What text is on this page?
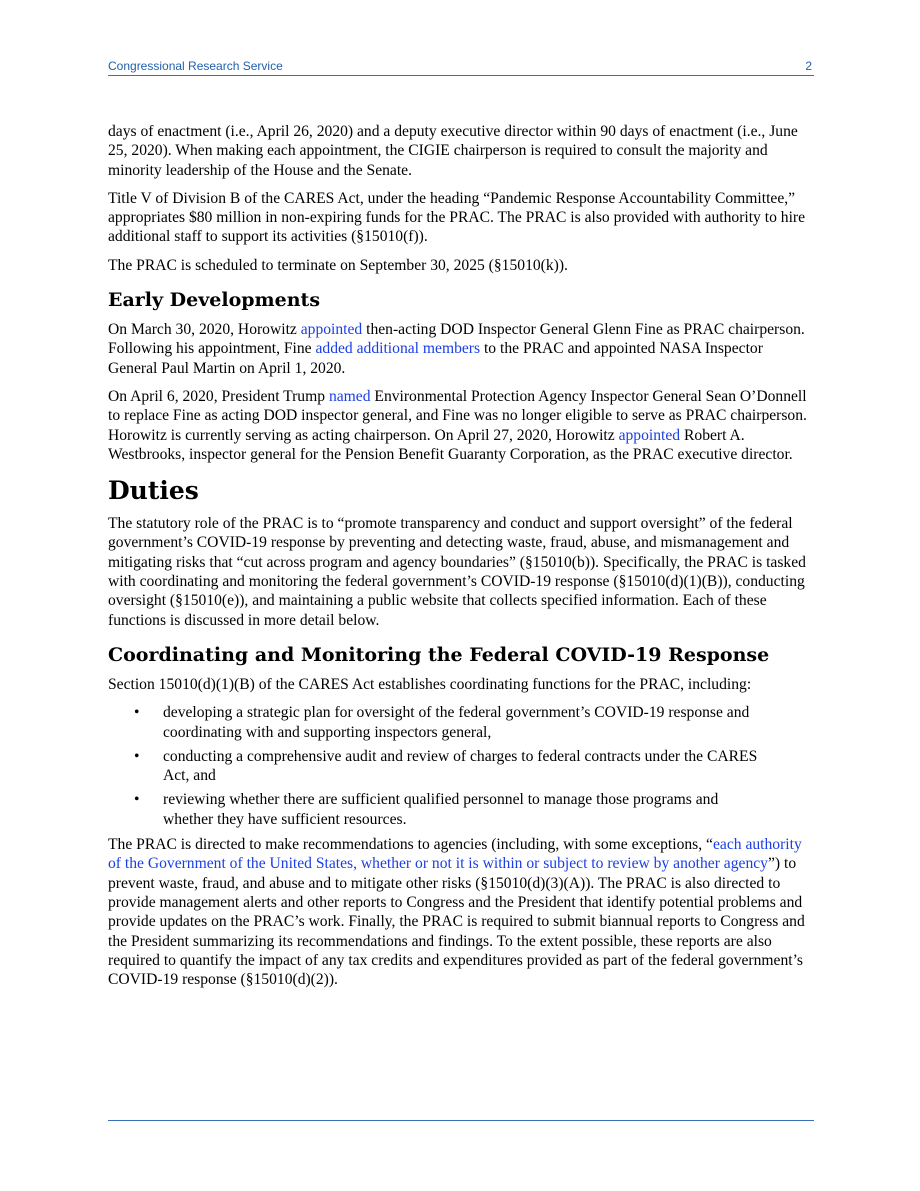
Congressional Research Service	2

days of enactment (i.e., April 26, 2020) and a deputy executive director within 90 days of enactment (i.e., June 25, 2020). When making each appointment, the CIGIE chairperson is required to consult the majority and minority leadership of the House and the Senate.

Title V of Division B of the CARES Act, under the heading “Pandemic Response Accountability Committee,” appropriates $80 million in non-expiring funds for the PRAC. The PRAC is also provided with authority to hire additional staff to support its activities (§15010(f)).

The PRAC is scheduled to terminate on September 30, 2025 (§15010(k)).

Early Developments

On March 30, 2020, Horowitz appointed then-acting DOD Inspector General Glenn Fine as PRAC chairperson. Following his appointment, Fine added additional members to the PRAC and appointed NASA Inspector General Paul Martin on April 1, 2020.

On April 6, 2020, President Trump named Environmental Protection Agency Inspector General Sean O’Donnell to replace Fine as acting DOD inspector general, and Fine was no longer eligible to serve as PRAC chairperson. Horowitz is currently serving as acting chairperson. On April 27, 2020, Horowitz appointed Robert A. Westbrooks, inspector general for the Pension Benefit Guaranty Corporation, as the PRAC executive director.

Duties

The statutory role of the PRAC is to “promote transparency and conduct and support oversight” of the federal government’s COVID-19 response by preventing and detecting waste, fraud, abuse, and mismanagement and mitigating risks that “cut across program and agency boundaries” (§15010(b)). Specifically, the PRAC is tasked with coordinating and monitoring the federal government’s COVID-19 response (§15010(d)(1)(B)), conducting oversight (§15010(e)), and maintaining a public website that collects specified information. Each of these functions is discussed in more detail below.

Coordinating and Monitoring the Federal COVID-19 Response

Section 15010(d)(1)(B) of the CARES Act establishes coordinating functions for the PRAC, including:

• developing a strategic plan for oversight of the federal government’s COVID-19 response and coordinating with and supporting inspectors general,
• conducting a comprehensive audit and review of charges to federal contracts under the CARES Act, and
• reviewing whether there are sufficient qualified personnel to manage those programs and whether they have sufficient resources.

The PRAC is directed to make recommendations to agencies (including, with some exceptions, “each authority of the Government of the United States, whether or not it is within or subject to review by another agency”) to prevent waste, fraud, and abuse and to mitigate other risks (§15010(d)(3)(A)). The PRAC is also directed to provide management alerts and other reports to Congress and the President that identify potential problems and provide updates on the PRAC’s work. Finally, the PRAC is required to submit biannual reports to Congress and the President summarizing its recommendations and findings. To the extent possible, these reports are also required to quantify the impact of any tax credits and expenditures provided as part of the federal government’s COVID-19 response (§15010(d)(2)).
